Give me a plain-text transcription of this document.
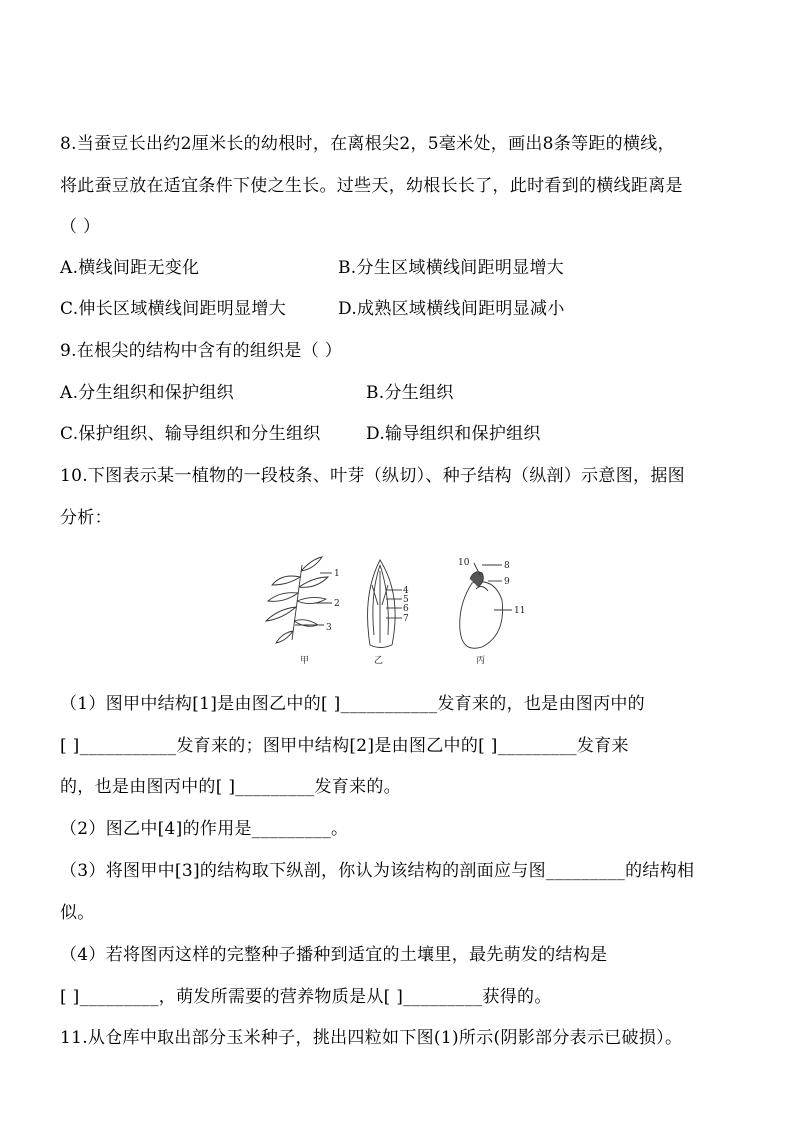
8.当蚕豆长出约2厘米长的幼根时，在离根尖2，5毫米处，画出8条等距的横线，
将此蚕豆放在适宜条件下使之生长。过些天，幼根长长了，此时看到的横线距离是
（ ）
A.横线间距无变化	B.分生区域横线间距明显增大
C.伸长区域横线间距明显增大	D.成熟区域横线间距明显减小
9.在根尖的结构中含有的组织是（ ）
A.分生组织和保护组织	B.分生组织
C.保护组织、输导组织和分生组织	D.输导组织和保护组织
10.下图表示某一植物的一段枝条、叶芽（纵切）、种子结构（纵剖）示意图，据图
分析：
1
2
3
甲
4
5
6
7
乙
10	8
9
11
丙
（1）图甲中结构[1]是由图乙中的[ ]___________发育来的，也是由图丙中的
[ ]___________发育来的；图甲中结构[2]是由图乙中的[ ]_________发育来
的，也是由图丙中的[ ]_________发育来的。
（2）图乙中[4]的作用是_________。
（3）将图甲中[3]的结构取下纵剖，你认为该结构的剖面应与图_________的结构相
似。
（4）若将图丙这样的完整种子播种到适宜的土壤里，最先萌发的结构是
[ ]_________，萌发所需要的营养物质是从[ ]_________获得的。
11.从仓库中取出部分玉米种子，挑出四粒如下图(1)所示(阴影部分表示已破损）。
